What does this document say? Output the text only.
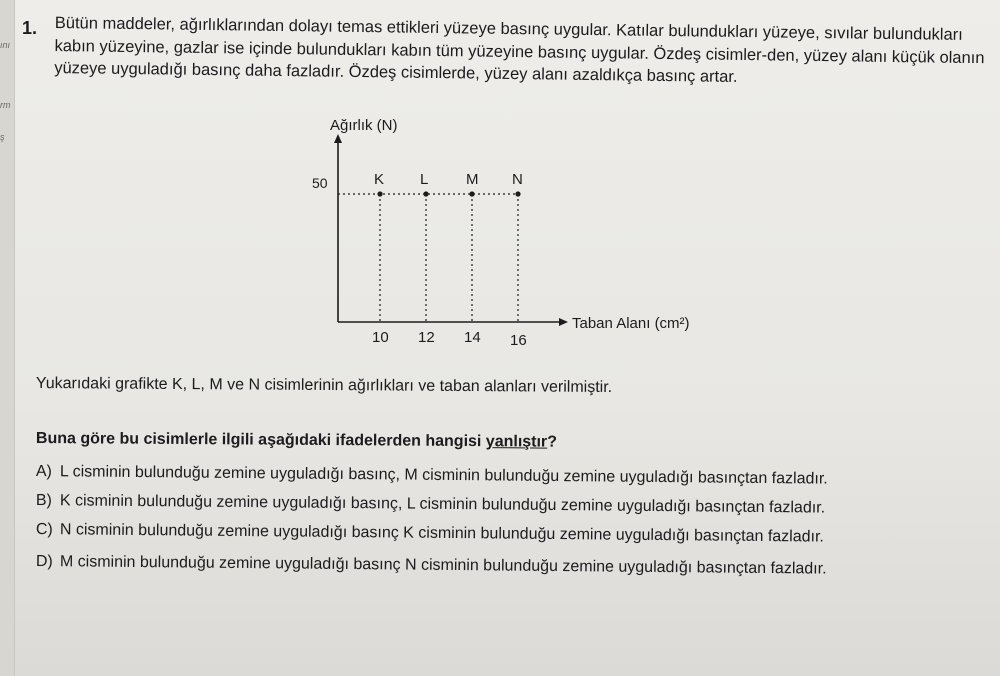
ını
rm
ş
1. Bütün maddeler, ağırlıklarından dolayı temas ettikleri yüzeye basınç uygular. Katılar bulundukları yüzeye, sıvılar bulundukları kabın yüzeyine, gazlar ise içinde bulundukları kabın tüm yüzeyine basınç uygular. Özdeş cisimler-den, yüzey alanı küçük olanın yüzeye uyguladığı basınç daha fazladır. Özdeş cisimlerde, yüzey alanı azaldıkça basınç artar.

Ağırlık (N)
Taban Alanı (cm²)
50	K L	M N
10 12 14 16
Yukarıdaki grafikte K, L, M ve N cisimlerinin ağırlıkları ve taban alanları verilmiştir.
Buna göre bu cisimlerle ilgili aşağıdaki ifadelerden hangisi yanlıştır?
A) L cisminin bulunduğu zemine uyguladığı basınç, M cisminin bulunduğu zemine uyguladığı basınçtan fazladır.
B) K cisminin bulunduğu zemine uyguladığı basınç, L cisminin bulunduğu zemine uyguladığı basınçtan fazladır.
C) N cisminin bulunduğu zemine uyguladığı basınç K cisminin bulunduğu zemine uyguladığı basınçtan fazladır.
D) M cisminin bulunduğu zemine uyguladığı basınç N cisminin bulunduğu zemine uyguladığı basınçtan fazladır.
